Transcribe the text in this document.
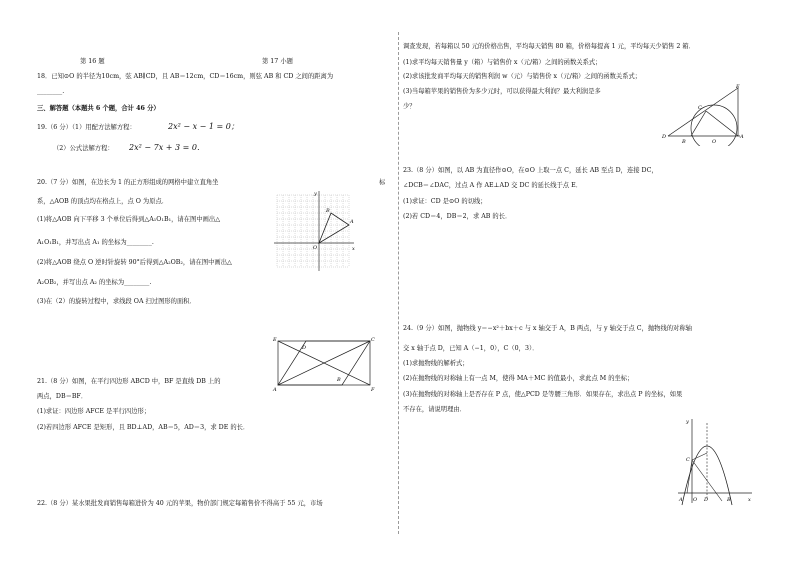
第 16 题	第 17 小题
18．已知⊙O 的半径为10cm，弦 AB∥CD，且 AB＝12cm，CD＝16cm，则弦 AB 和 CD 之间的距离为
________.
三、解答题（本题共 6 个题，合计 46 分）
19.（6 分）（1）用配方法解方程：	2x² − x − 1 = 0；
（2）公式法解方程： 2x² − 7x + 3 = 0．
20.（7 分）如图，在边长为 1 的正方形组成的网格中建立直角坐	标
系，△AOB 的顶点均在格点上，点 O 为原点．
(1)将△AOB 向下平移 3 个单位后得到△A₁O₁B₁，请在图中画出△
A₁O₁B₁，并写出点 A₁ 的坐标为________.
(2)将△AOB 绕点 O 逆时针旋转 90°后得到△A₂OB₂，请在图中画出△
A₂OB₂，并写出点 A₂ 的坐标为________.
(3)在（2）的旋转过程中，求线段 OA 扫过图形的面积．
y
x
A
B
O
E
D
C
A
B
F
21.（8 分）如图，在平行四边形 ABCD 中，BF 是直线 DB 上的
两点，DB＝BF．
(1)求证：四边形 AFCE 是平行四边形；
(2)若四边形 AFCE 是矩形，且 BD⊥AD，AB＝5，AD＝3，求 DE 的长．
22.（8 分）某水果批发商销售每箱进价为 40 元的苹果，物价部门规定每箱售价不得高于 55 元，市场
调查发现，若每箱以 50 元的价格出售，平均每天销售 80 箱，价格每提高 1 元，平均每天少销售 2 箱．
(1)求平均每天销售量 y（箱）与销售价 x（元/箱）之间的函数关系式；
(2)求该批发商平均每天的销售利润 w（元）与销售价 x（元/箱）之间的函数关系式；
(3)当每箱苹果的销售价为多少元时，可以获得最大利润？最大利润是多
少？	C
E
D
B	O
A
23.（8 分）如图，以 AB 为直径作⊙O，在⊙O 上取一点 C，延长 AB 至点 D，连接 DC，
∠DCB＝∠DAC，过点 A 作 AE⊥AD 交 DC 的延长线于点 E．
(1)求证：CD 是⊙O 的切线；
(2)若 CD＝4，DB＝2，求 AB 的长．
24.（9 分）如图，抛物线 y＝−x²＋bx＋c 与 x 轴交于 A，B 两点，与 y 轴交于点 C，抛物线的对称轴
交 x 轴于点 D，已知 A（−1，0），C（0，3）．
(1)求抛物线的解析式；
(2)在抛物线的对称轴上有一点 M，使得 MA＋MC 的值最小，求此点 M 的坐标；
(3)在抛物线的对称轴上是否存在 P 点，使△PCD 是等腰三角形．如果存在，求出点 P 的坐标，如果
不存在，请说明理由．
y
C
A O D	B	x
